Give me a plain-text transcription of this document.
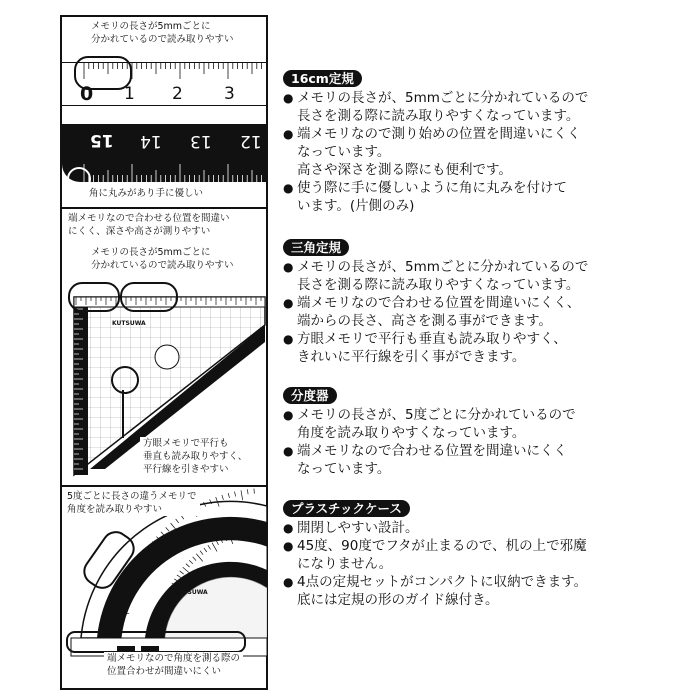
0 1 2 3
15 14 13 12
メモリの長さが5mmごとに
分かれているので読み取りやすい
角に丸みがあり手に優しい
KUTSUWA
端メモリなので合わせる位置を間違い
にくく、深さや高さが測りやすい
メモリの長さが5mmごとに
分かれているので読み取りやすい
方眼メモリで平行も
垂直も読み取りやすく、
平行線を引きやすい
KUTSUWA
5度ごとに長さの違うメモリで
角度を読み取りやすい
端メモリなので角度を測る際の
位置合わせが間違いにくい
16cm定規
● メモリの長さが、5mmごとに分かれているので
長さを測る際に読み取りやすくなっています。
● 端メモリなので測り始めの位置を間違いにくく
なっています。
高さや深さを測る際にも便利です。
● 使う際に手に優しいように角に丸みを付けて
います。(片側のみ)
三角定規
● メモリの長さが、5mmごとに分かれているので
長さを測る際に読み取りやすくなっています。
● 端メモリなので合わせる位置を間違いにくく、
端からの長さ、高さを測る事ができます。
● 方眼メモリで平行も垂直も読み取りやすく、
きれいに平行線を引く事ができます。
分度器
● メモリの長さが、5度ごとに分かれているので
角度を読み取りやすくなっています。
● 端メモリなので合わせる位置を間違いにくく
なっています。
プラスチックケース
● 開閉しやすい設計。
● 45度、90度でフタが止まるので、机の上で邪魔
になりません。
● 4点の定規セットがコンパクトに収納できます。
底には定規の形のガイド線付き。
